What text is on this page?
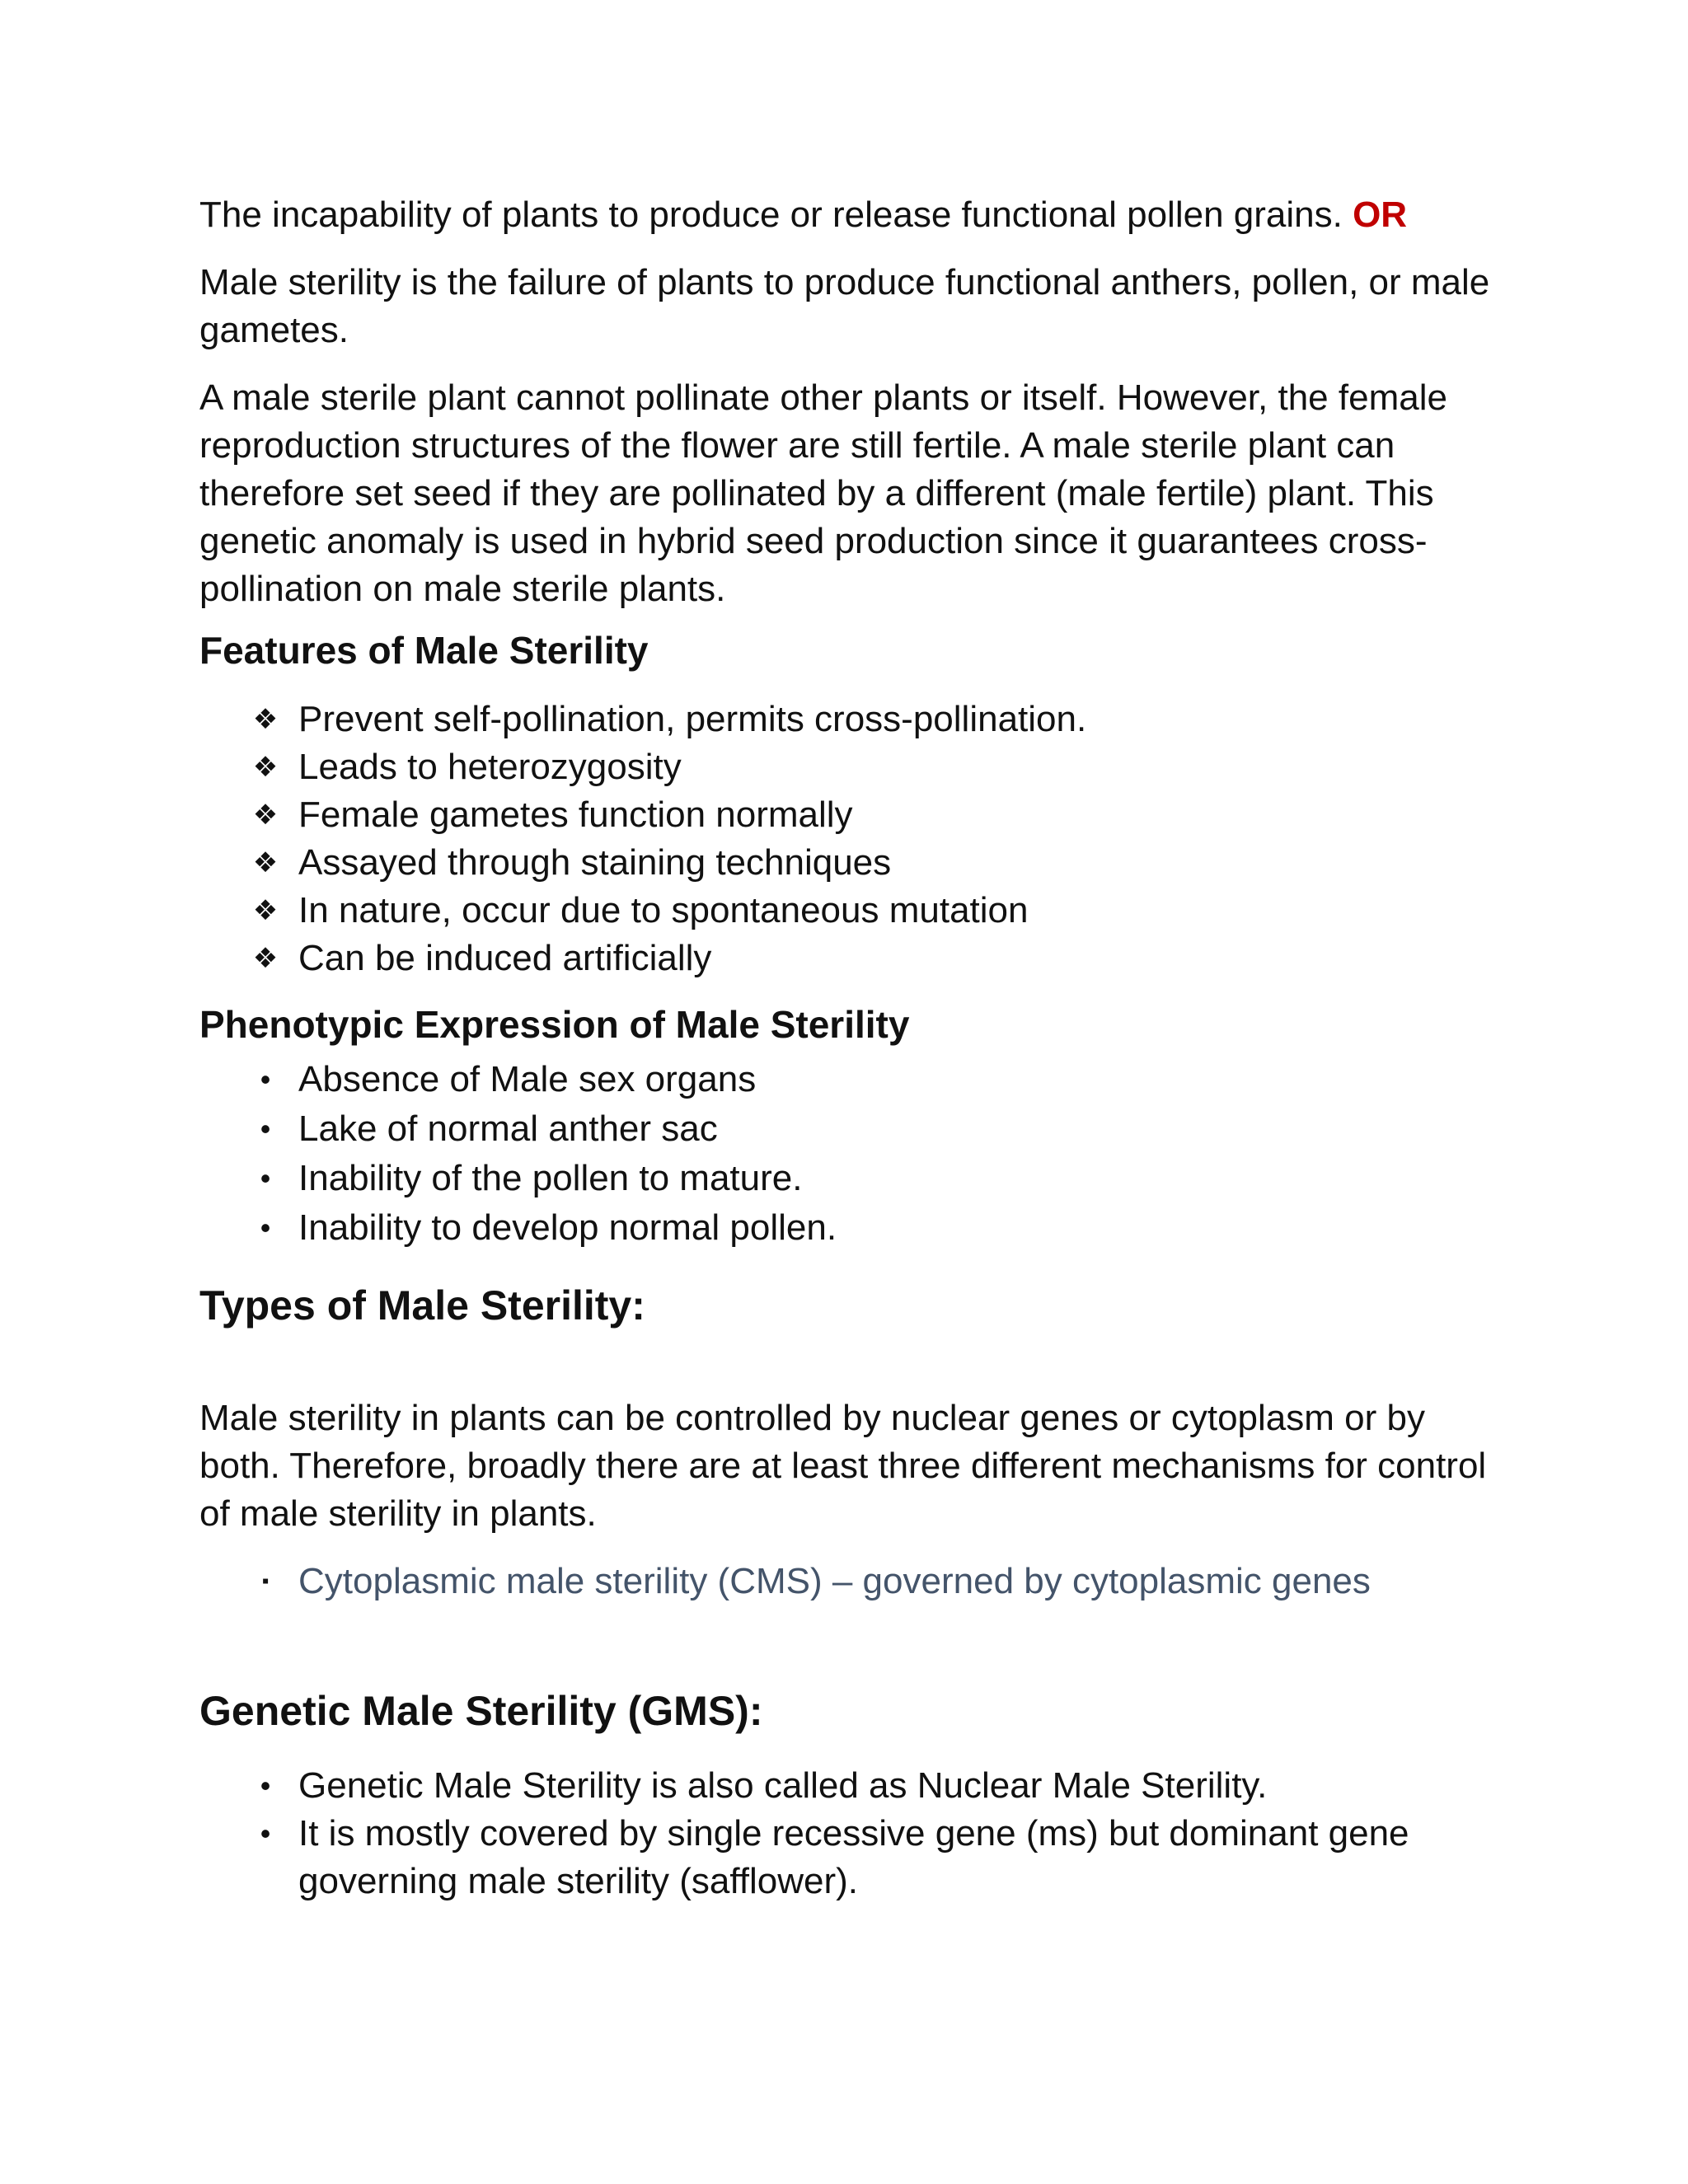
The incapability of plants to produce or release functional pollen grains. OR

Male sterility is the failure of plants to produce functional anthers, pollen, or male gametes.

A male sterile plant cannot pollinate other plants or itself. However, the female reproduction structures of the flower are still fertile. A male sterile plant can therefore set seed if they are pollinated by a different (male fertile) plant. This genetic anomaly is used in hybrid seed production since it guarantees cross-pollination on male sterile plants.

Features of Male Sterility
❖ Prevent self-pollination, permits cross-pollination.
❖ Leads to heterozygosity
❖ Female gametes function normally
❖ Assayed through staining techniques
❖ In nature, occur due to spontaneous mutation
❖ Can be induced artificially
Phenotypic Expression of Male Sterility
• Absence of Male sex organs
• Lake of normal anther sac
• Inability of the pollen to mature.
• Inability to develop normal pollen.
Types of Male Sterility:

Male sterility in plants can be controlled by nuclear genes or cytoplasm or by both. Therefore, broadly there are at least three different mechanisms for control of male sterility in plants.

▪ Cytoplasmic male sterility (CMS) – governed by cytoplasmic genes
Genetic Male Sterility (GMS):
• Genetic Male Sterility is also called as Nuclear Male Sterility.
• It is mostly covered by single recessive gene (ms) but dominant gene governing male sterility (safflower).
